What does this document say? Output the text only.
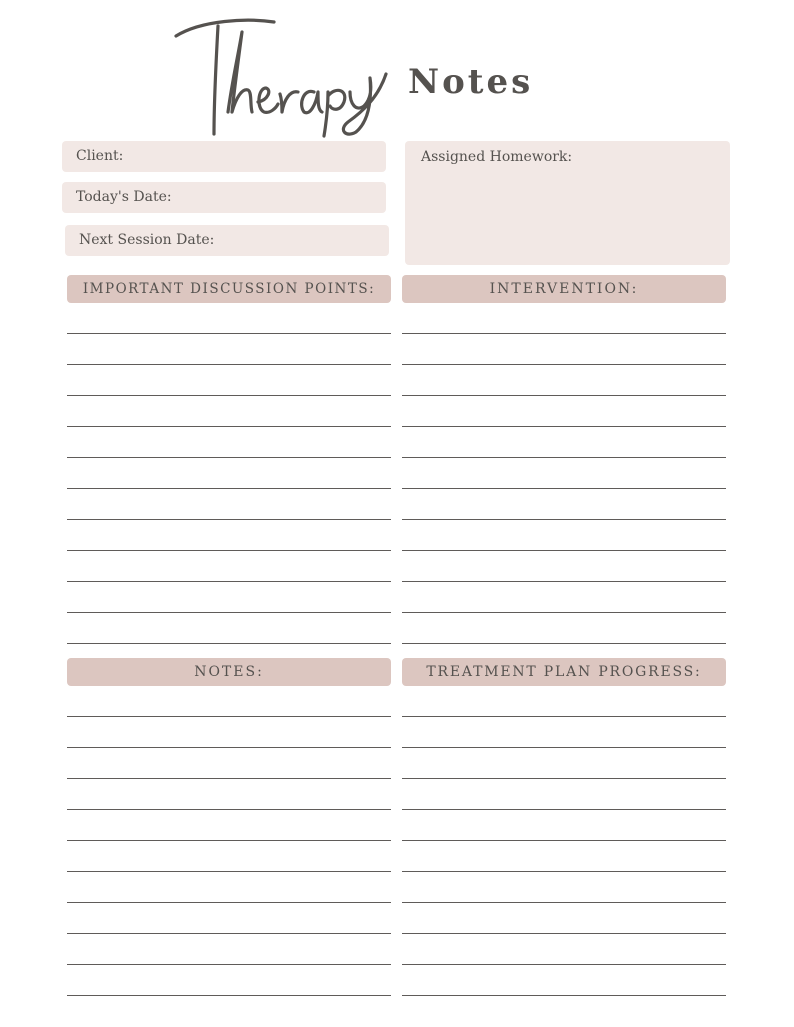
Notes
Client:
Today's Date:
Next Session Date:
Assigned Homework:
IMPORTANT DISCUSSION POINTS:	INTERVENTION:
NOTES:	TREATMENT PLAN PROGRESS:
